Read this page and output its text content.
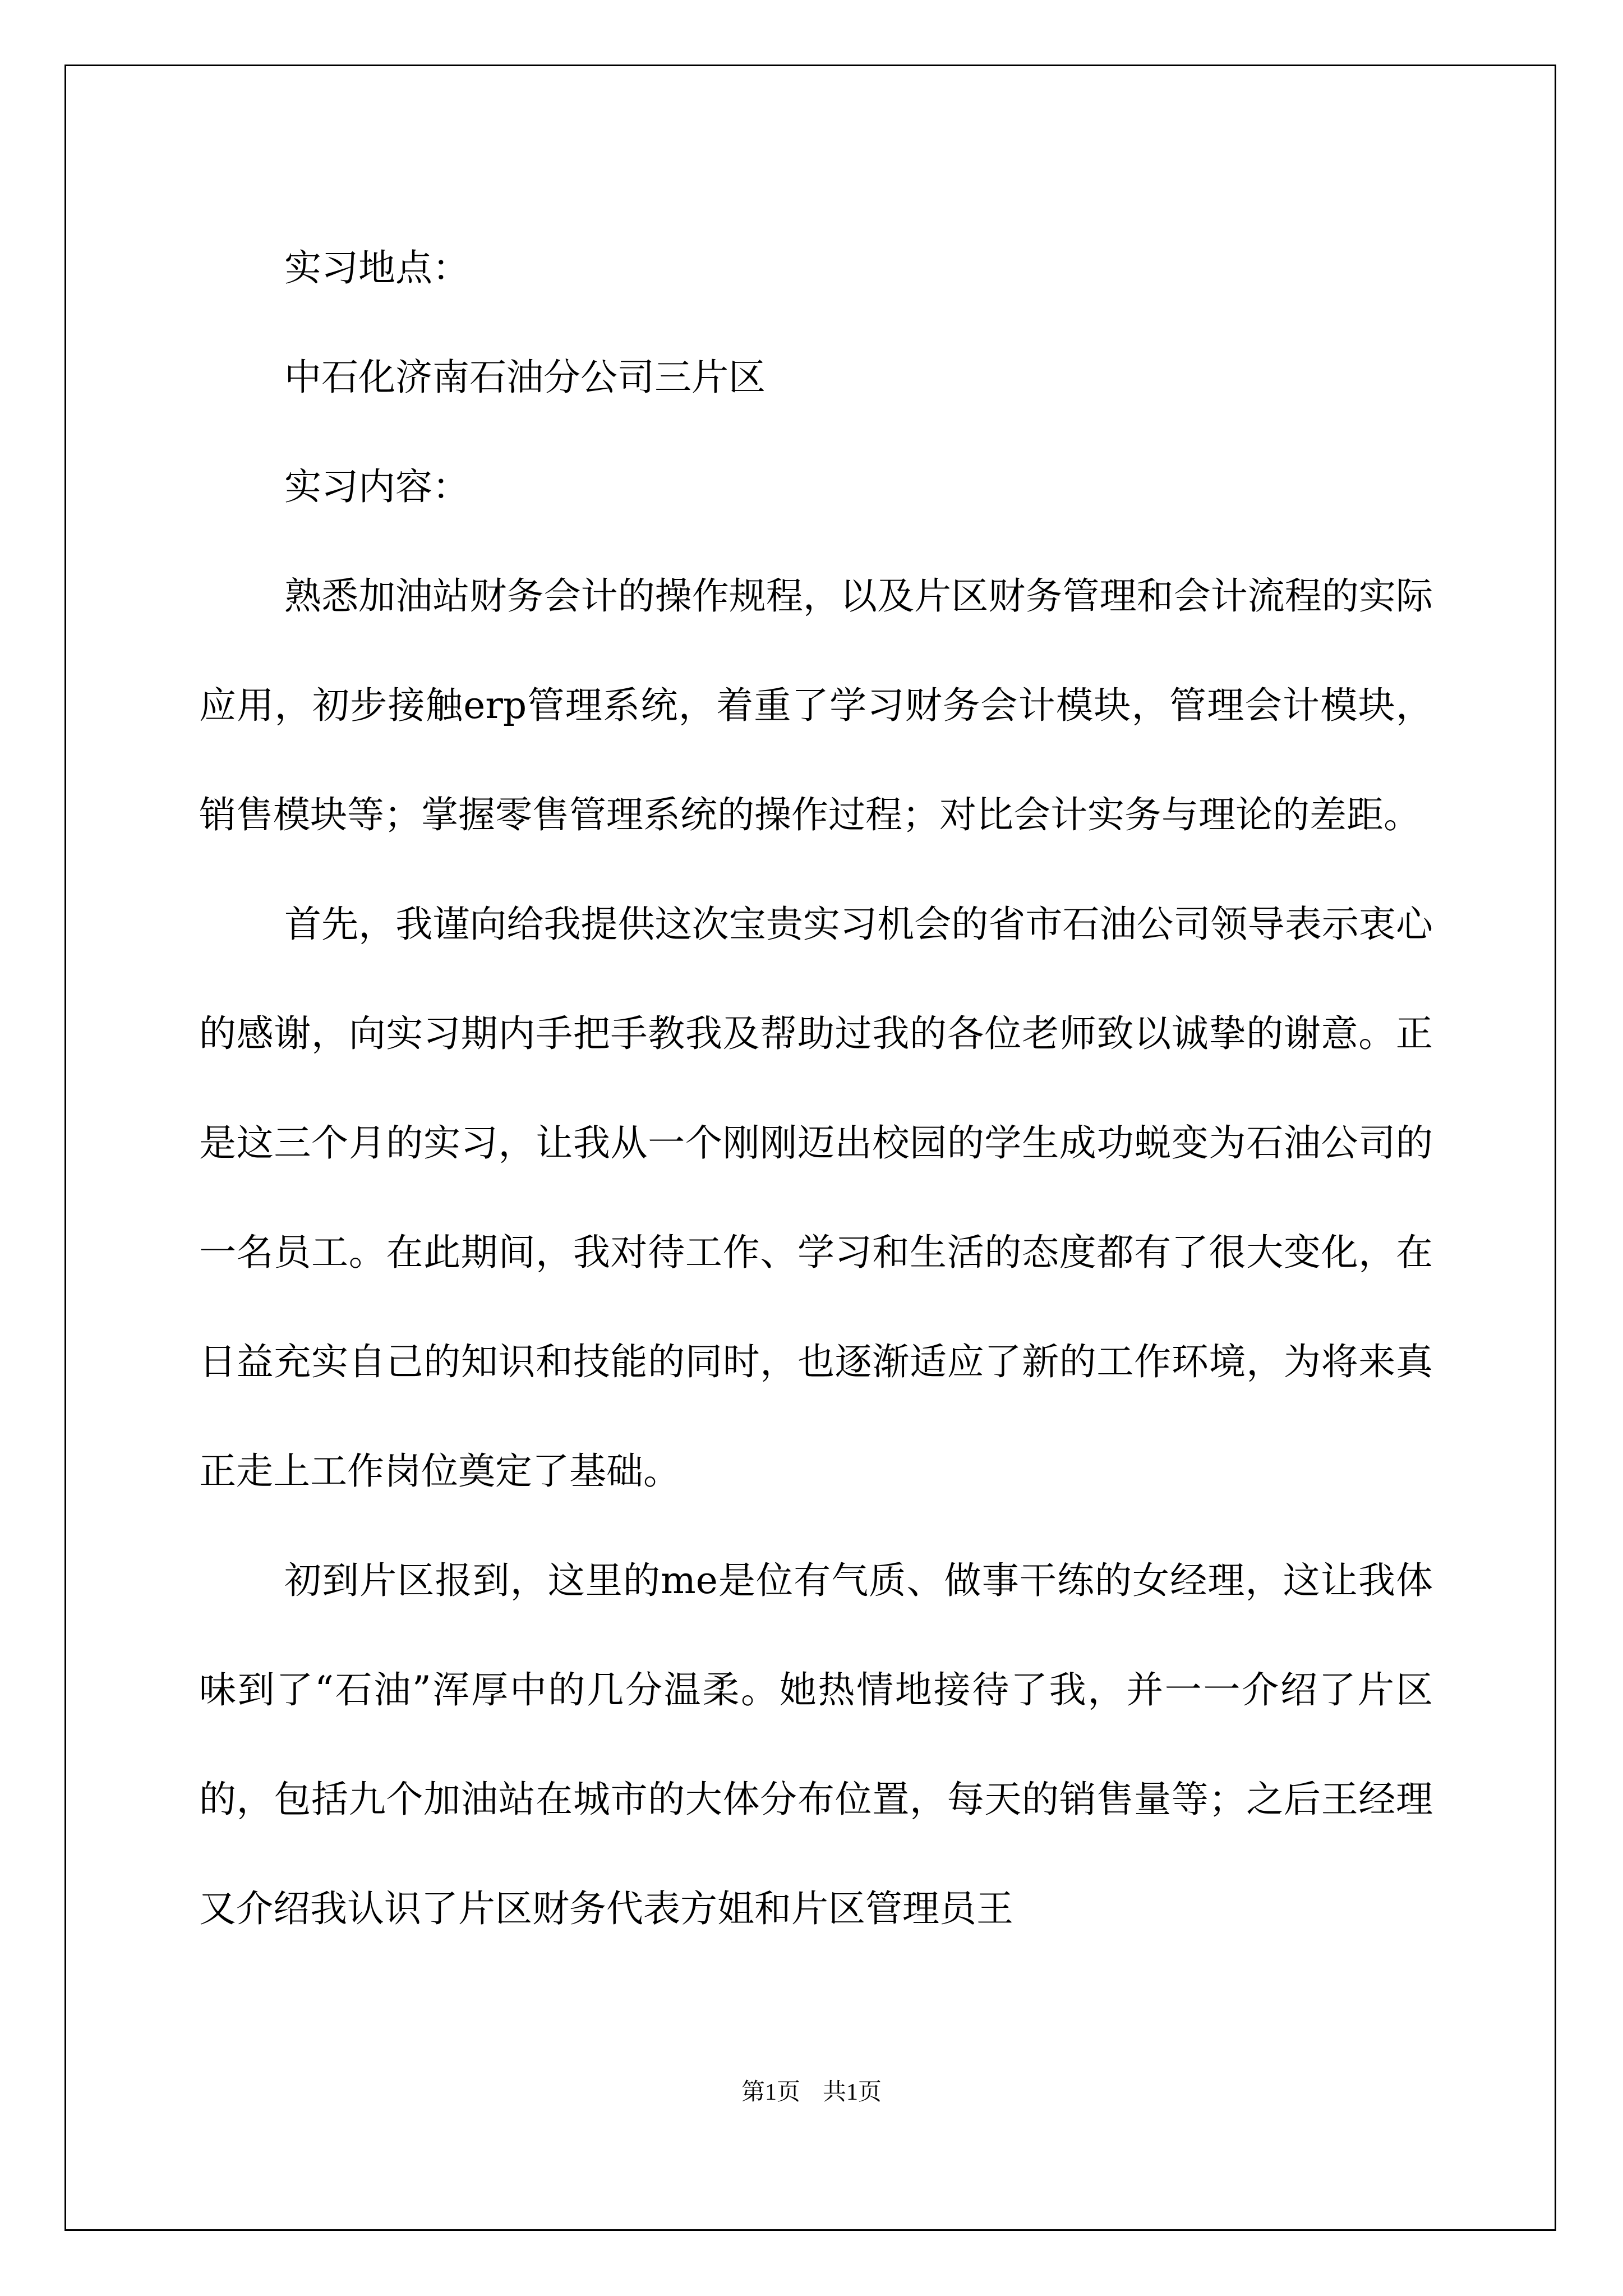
实习地点：

中石化济南石油分公司三片区

实习内容：

熟悉加油站财务会计的操作规程，以及片区财务管理和会计流程的实际应用，初步接触erp管理系统，着重了学习财务会计模块，管理会计模块，销售模块等；掌握零售管理系统的操作过程；对比会计实务与理论的差距。

首先，我谨向给我提供这次宝贵实习机会的省市石油公司领导表示衷心的感谢，向实习期内手把手教我及帮助过我的各位老师致以诚挚的谢意。正是这三个月的实习，让我从一个刚刚迈出校园的学生成功蜕变为石油公司的一名员工。在此期间，我对待工作、学习和生活的态度都有了很大变化，在日益充实自己的知识和技能的同时，也逐渐适应了新的工作环境，为将来真正走上工作岗位奠定了基础。

初到片区报到，这里的me是位有气质、做事干练的女经理，这让我体味到了“石油”浑厚中的几分温柔。她热情地接待了我，并一一介绍了片区的，包括九个加油站在城市的大体分布位置，每天的销售量等；之后王经理又介绍我认识了片区财务代表方姐和片区管理员王

第1页 共1页
